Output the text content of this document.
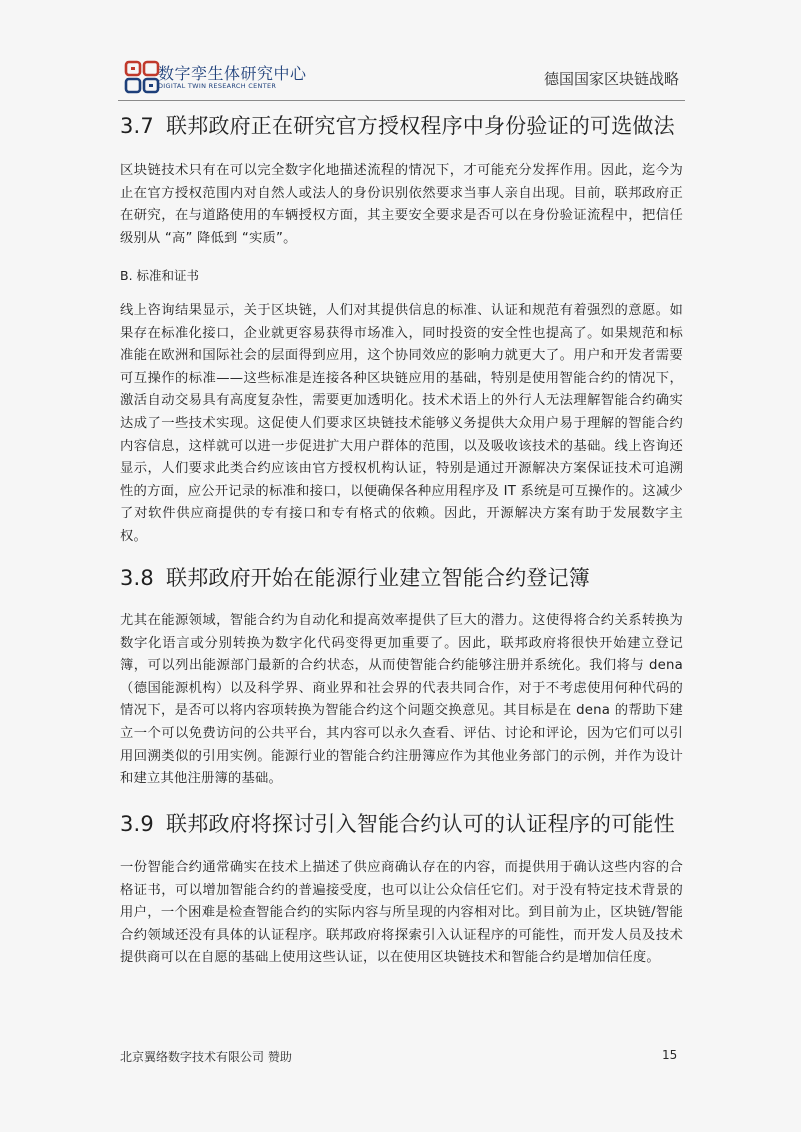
数字孪生体研究中心
DIGITAL TWIN RESEARCH CENTER	德国国家区块链战略
3.7 联邦政府正在研究官方授权程序中身份验证的可选做法
区块链技术只有在可以完全数字化地描述流程的情况下，才可能充分发挥作用。因此，迄今为止在官方授权范围内对自然人或法人的身份识别依然要求当事人亲自出现。目前，联邦政府正在研究，在与道路使用的车辆授权方面，其主要安全要求是否可以在身份验证流程中，把信任级别从 “高” 降低到 “实质”。
B. 标准和证书
线上咨询结果显示，关于区块链，人们对其提供信息的标准、认证和规范有着强烈的意愿。如果存在标准化接口，企业就更容易获得市场准入，同时投资的安全性也提高了。如果规范和标准能在欧洲和国际社会的层面得到应用，这个协同效应的影响力就更大了。用户和开发者需要可互操作的标准——这些标准是连接各种区块链应用的基础，特别是使用智能合约的情况下，激活自动交易具有高度复杂性，需要更加透明化。技术术语上的外行人无法理解智能合约确实达成了一些技术实现。这促使人们要求区块链技术能够义务提供大众用户易于理解的智能合约内容信息，这样就可以进一步促进扩大用户群体的范围，以及吸收该技术的基础。线上咨询还显示，人们要求此类合约应该由官方授权机构认证，特别是通过开源解决方案保证技术可追溯性的方面，应公开记录的标准和接口，以便确保各种应用程序及 IT 系统是可互操作的。这减少了对软件供应商提供的专有接口和专有格式的依赖。因此，开源解决方案有助于发展数字主权。
3.8 联邦政府开始在能源行业建立智能合约登记簿
尤其在能源领域，智能合约为自动化和提高效率提供了巨大的潜力。这使得将合约关系转换为数字化语言或分别转换为数字化代码变得更加重要了。因此，联邦政府将很快开始建立登记簿，可以列出能源部门最新的合约状态，从而使智能合约能够注册并系统化。我们将与 dena（德国能源机构）以及科学界、商业界和社会界的代表共同合作，对于不考虑使用何种代码的情况下，是否可以将内容项转换为智能合约这个问题交换意见。其目标是在 dena 的帮助下建立一个可以免费访问的公共平台，其内容可以永久查看、评估、讨论和评论，因为它们可以引用回溯类似的引用实例。能源行业的智能合约注册簿应作为其他业务部门的示例，并作为设计和建立其他注册簿的基础。
3.9 联邦政府将探讨引入智能合约认可的认证程序的可能性
一份智能合约通常确实在技术上描述了供应商确认存在的内容，而提供用于确认这些内容的合格证书，可以增加智能合约的普遍接受度，也可以让公众信任它们。对于没有特定技术背景的用户，一个困难是检查智能合约的实际内容与所呈现的内容相对比。到目前为止，区块链/智能合约领域还没有具体的认证程序。联邦政府将探索引入认证程序的可能性，而开发人员及技术提供商可以在自愿的基础上使用这些认证，以在使用区块链技术和智能合约是增加信任度。
北京翼络数字技术有限公司 赞助	15
